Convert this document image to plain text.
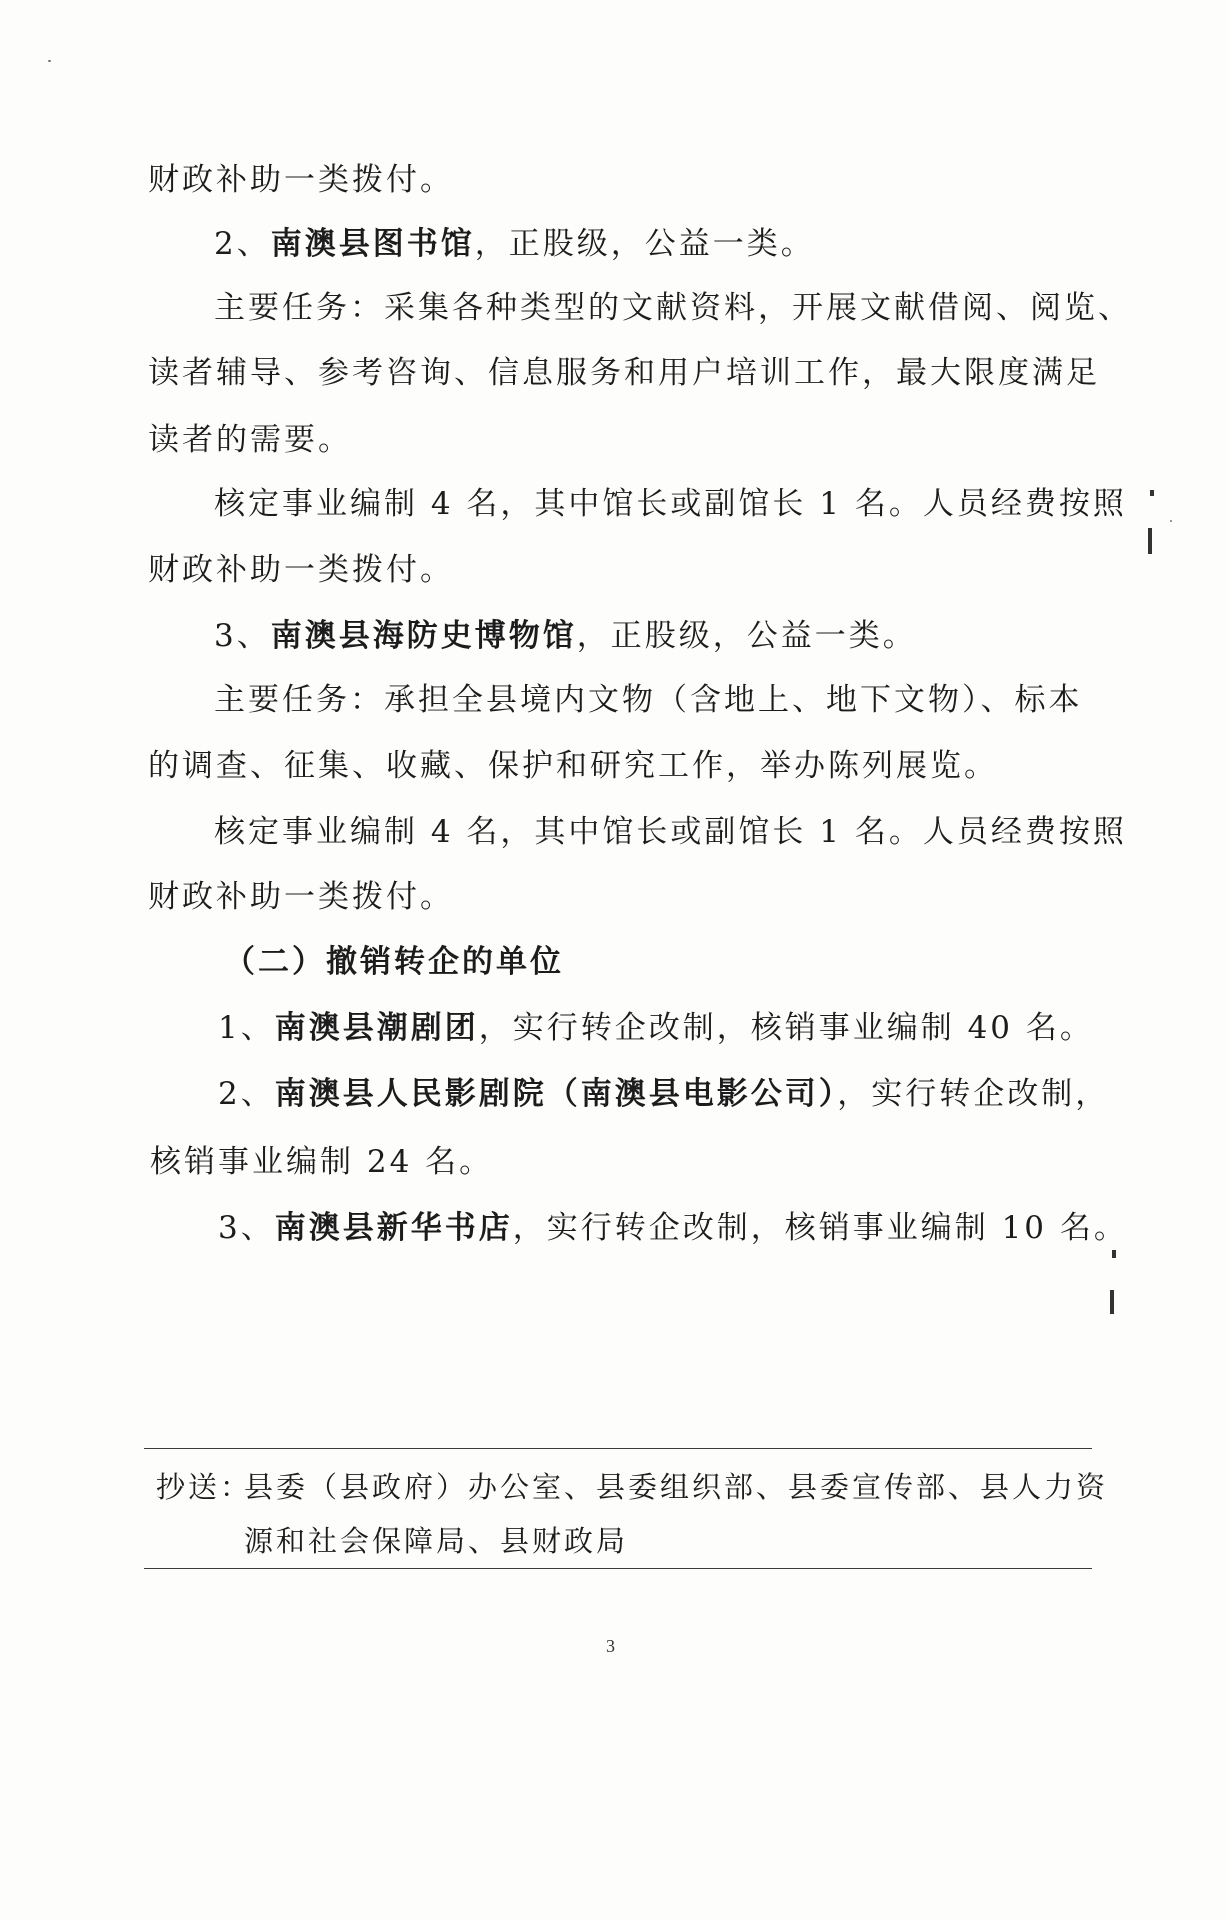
财政补助一类拨付。
2、南澳县图书馆，正股级，公益一类。
主要任务：采集各种类型的文献资料，开展文献借阅、阅览、
读者辅导、参考咨询、信息服务和用户培训工作，最大限度满足
读者的需要。
核定事业编制 4 名，其中馆长或副馆长 1 名。人员经费按照
财政补助一类拨付。
3、南澳县海防史博物馆，正股级，公益一类。
主要任务：承担全县境内文物（含地上、地下文物）、标本
的调查、征集、收藏、保护和研究工作，举办陈列展览。
核定事业编制 4 名，其中馆长或副馆长 1 名。人员经费按照
财政补助一类拨付。
（二）撤销转企的单位
1、南澳县潮剧团，实行转企改制，核销事业编制 40 名。
2、南澳县人民影剧院（南澳县电影公司），实行转企改制，
核销事业编制 24 名。
3、南澳县新华书店，实行转企改制，核销事业编制 10 名。
抄送：
县委（县政府）办公室、县委组织部、县委宣传部、县人力资
源和社会保障局、县财政局
3
